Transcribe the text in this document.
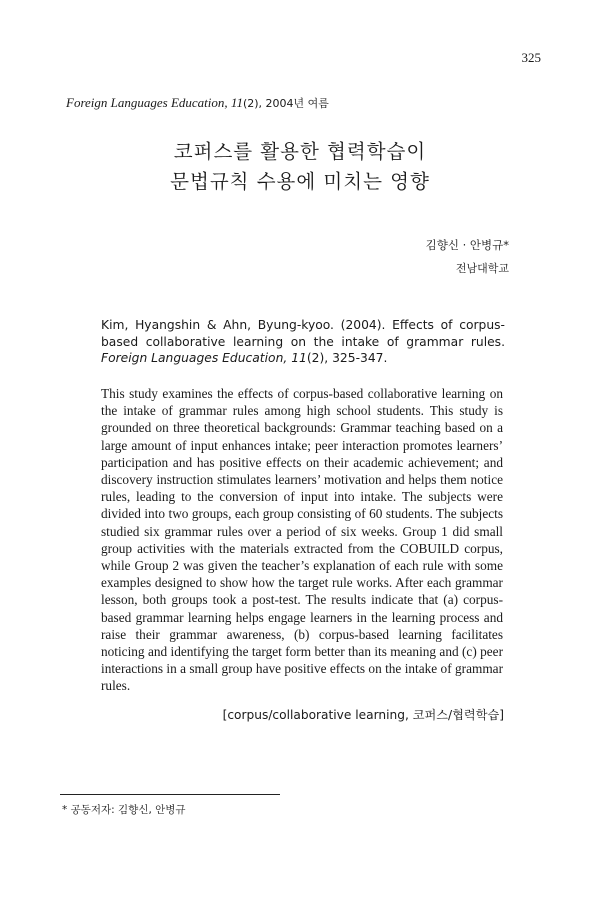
325
Foreign Languages Education, 11(2), 2004년 여름
코퍼스를 활용한 협력학습이
문법규칙 수용에 미치는 영향
김향신 · 안병규*
전남대학교
Kim, Hyangshin & Ahn, Byung-kyoo. (2004). Effects of corpus-based collaborative learning on the intake of grammar rules. Foreign Languages Education, 11(2), 325-347.
This study examines the effects of corpus-based collaborative learning on the intake of grammar rules among high school students. This study is grounded on three theoretical backgrounds: Grammar teaching based on a large amount of input enhances intake; peer interaction promotes learners’ participation and has positive effects on their academic achievement; and discovery instruction stimulates learners’ motivation and helps them notice rules, leading to the conversion of input into intake. The subjects were divided into two groups, each group consisting of 60 students. The subjects studied six grammar rules over a period of six weeks. Group 1 did small group activities with the materials extracted from the COBUILD corpus, while Group 2 was given the teacher’s explanation of each rule with some examples designed to show how the target rule works. After each grammar lesson, both groups took a post-test. The results indicate that (a) corpus-based grammar learning helps engage learners in the learning process and raise their grammar awareness, (b) corpus-based learning facilitates noticing and identifying the target form better than its meaning and (c) peer interactions in a small group have positive effects on the intake of grammar rules.
[corpus/collaborative learning, 코퍼스/협력학습]
* 공동저자: 김향신, 안병규
